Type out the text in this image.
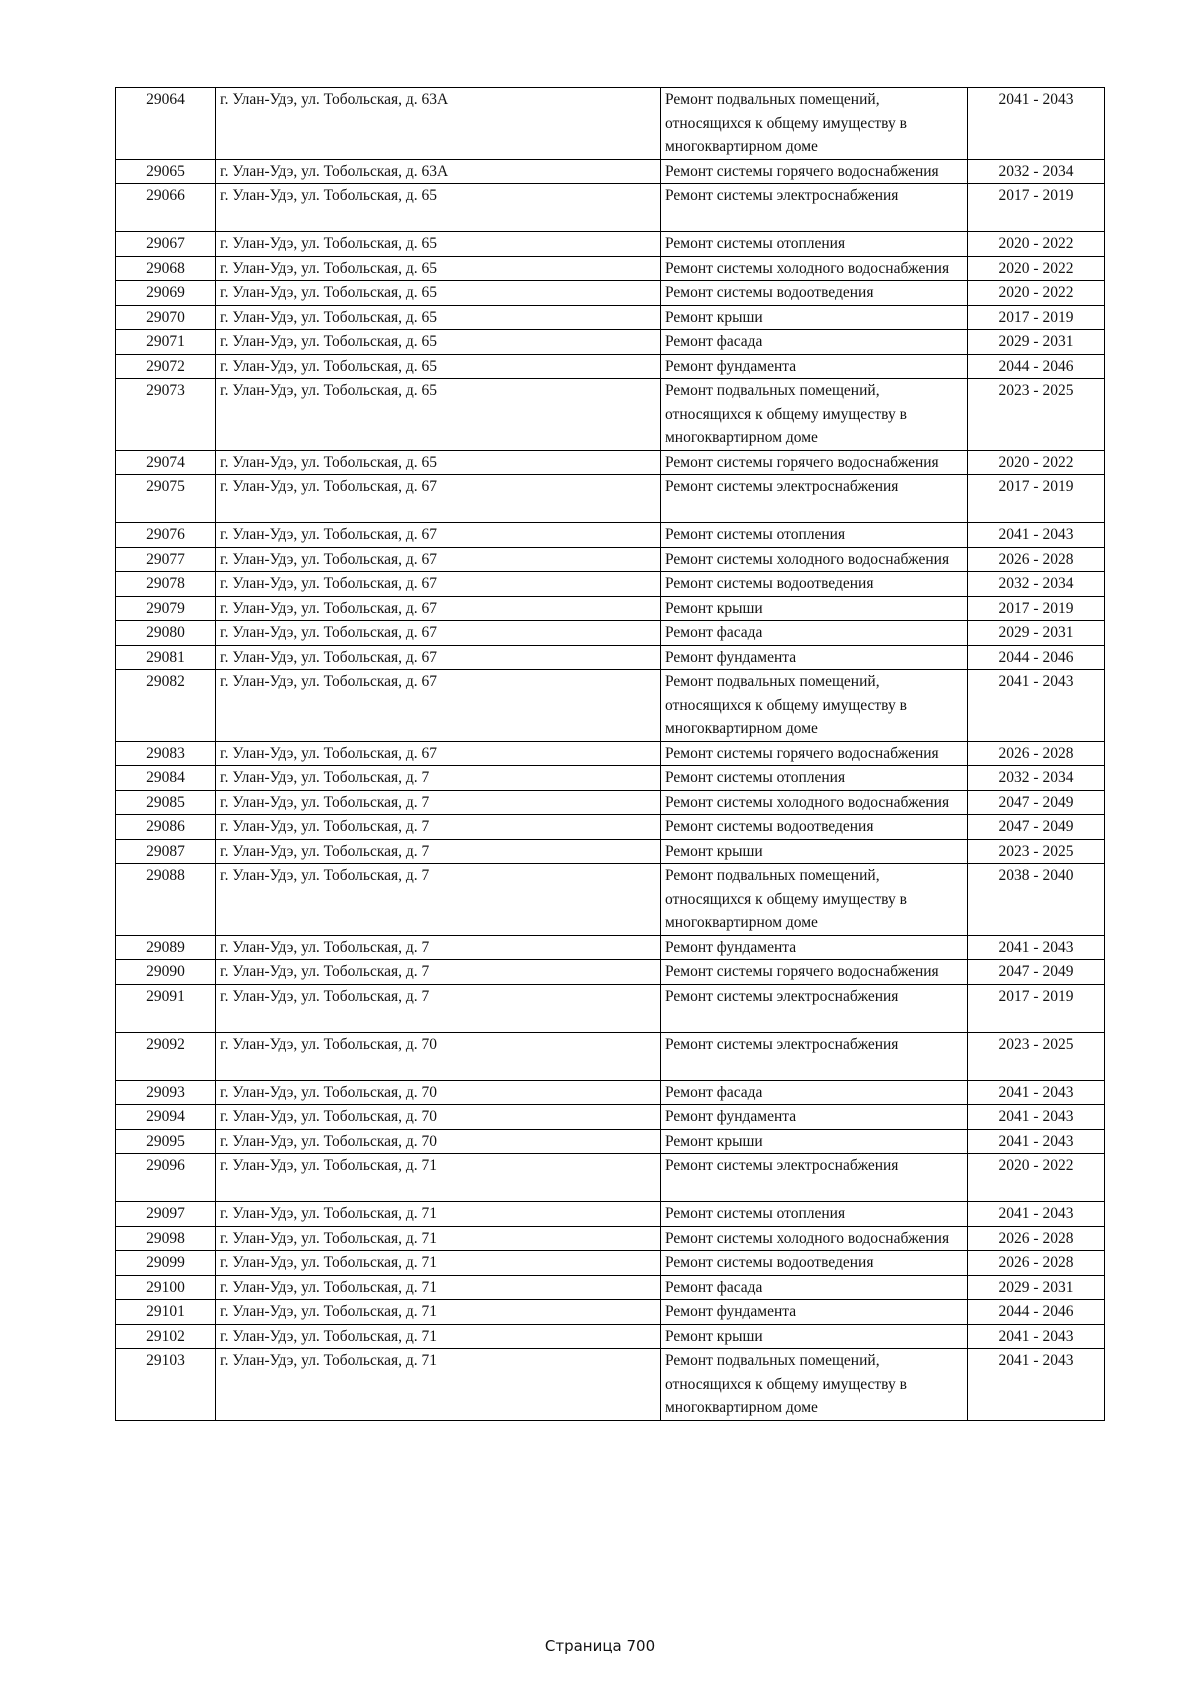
29064	г. Улан-Удэ, ул. Тобольская, д. 63А	Ремонт подвальных помещений, относящихся к общему имуществу в многоквартирном доме	2041 - 2043
29065	г. Улан-Удэ, ул. Тобольская, д. 63А	Ремонт системы горячего водоснабжения	2032 - 2034
29066	г. Улан-Удэ, ул. Тобольская, д. 65	Ремонт системы электроснабжения	2017 - 2019
29067	г. Улан-Удэ, ул. Тобольская, д. 65	Ремонт системы отопления	2020 - 2022
29068	г. Улан-Удэ, ул. Тобольская, д. 65	Ремонт системы холодного водоснабжения	2020 - 2022
29069	г. Улан-Удэ, ул. Тобольская, д. 65	Ремонт системы водоотведения	2020 - 2022
29070	г. Улан-Удэ, ул. Тобольская, д. 65	Ремонт крыши	2017 - 2019
29071	г. Улан-Удэ, ул. Тобольская, д. 65	Ремонт фасада	2029 - 2031
29072	г. Улан-Удэ, ул. Тобольская, д. 65	Ремонт фундамента	2044 - 2046
29073	г. Улан-Удэ, ул. Тобольская, д. 65	Ремонт подвальных помещений, относящихся к общему имуществу в многоквартирном доме	2023 - 2025
29074	г. Улан-Удэ, ул. Тобольская, д. 65	Ремонт системы горячего водоснабжения	2020 - 2022
29075	г. Улан-Удэ, ул. Тобольская, д. 67	Ремонт системы электроснабжения	2017 - 2019
29076	г. Улан-Удэ, ул. Тобольская, д. 67	Ремонт системы отопления	2041 - 2043
29077	г. Улан-Удэ, ул. Тобольская, д. 67	Ремонт системы холодного водоснабжения	2026 - 2028
29078	г. Улан-Удэ, ул. Тобольская, д. 67	Ремонт системы водоотведения	2032 - 2034
29079	г. Улан-Удэ, ул. Тобольская, д. 67	Ремонт крыши	2017 - 2019
29080	г. Улан-Удэ, ул. Тобольская, д. 67	Ремонт фасада	2029 - 2031
29081	г. Улан-Удэ, ул. Тобольская, д. 67	Ремонт фундамента	2044 - 2046
29082	г. Улан-Удэ, ул. Тобольская, д. 67	Ремонт подвальных помещений, относящихся к общему имуществу в многоквартирном доме	2041 - 2043
29083	г. Улан-Удэ, ул. Тобольская, д. 67	Ремонт системы горячего водоснабжения	2026 - 2028
29084	г. Улан-Удэ, ул. Тобольская, д. 7	Ремонт системы отопления	2032 - 2034
29085	г. Улан-Удэ, ул. Тобольская, д. 7	Ремонт системы холодного водоснабжения	2047 - 2049
29086	г. Улан-Удэ, ул. Тобольская, д. 7	Ремонт системы водоотведения	2047 - 2049
29087	г. Улан-Удэ, ул. Тобольская, д. 7	Ремонт крыши	2023 - 2025
29088	г. Улан-Удэ, ул. Тобольская, д. 7	Ремонт подвальных помещений, относящихся к общему имуществу в многоквартирном доме	2038 - 2040
29089	г. Улан-Удэ, ул. Тобольская, д. 7	Ремонт фундамента	2041 - 2043
29090	г. Улан-Удэ, ул. Тобольская, д. 7	Ремонт системы горячего водоснабжения	2047 - 2049
29091	г. Улан-Удэ, ул. Тобольская, д. 7	Ремонт системы электроснабжения	2017 - 2019
29092	г. Улан-Удэ, ул. Тобольская, д. 70	Ремонт системы электроснабжения	2023 - 2025
29093	г. Улан-Удэ, ул. Тобольская, д. 70	Ремонт фасада	2041 - 2043
29094	г. Улан-Удэ, ул. Тобольская, д. 70	Ремонт фундамента	2041 - 2043
29095	г. Улан-Удэ, ул. Тобольская, д. 70	Ремонт крыши	2041 - 2043
29096	г. Улан-Удэ, ул. Тобольская, д. 71	Ремонт системы электроснабжения	2020 - 2022
29097	г. Улан-Удэ, ул. Тобольская, д. 71	Ремонт системы отопления	2041 - 2043
29098	г. Улан-Удэ, ул. Тобольская, д. 71	Ремонт системы холодного водоснабжения	2026 - 2028
29099	г. Улан-Удэ, ул. Тобольская, д. 71	Ремонт системы водоотведения	2026 - 2028
29100	г. Улан-Удэ, ул. Тобольская, д. 71	Ремонт фасада	2029 - 2031
29101	г. Улан-Удэ, ул. Тобольская, д. 71	Ремонт фундамента	2044 - 2046
29102	г. Улан-Удэ, ул. Тобольская, д. 71	Ремонт крыши	2041 - 2043
29103	г. Улан-Удэ, ул. Тобольская, д. 71	Ремонт подвальных помещений, относящихся к общему имуществу в многоквартирном доме	2041 - 2043
Страница 700
